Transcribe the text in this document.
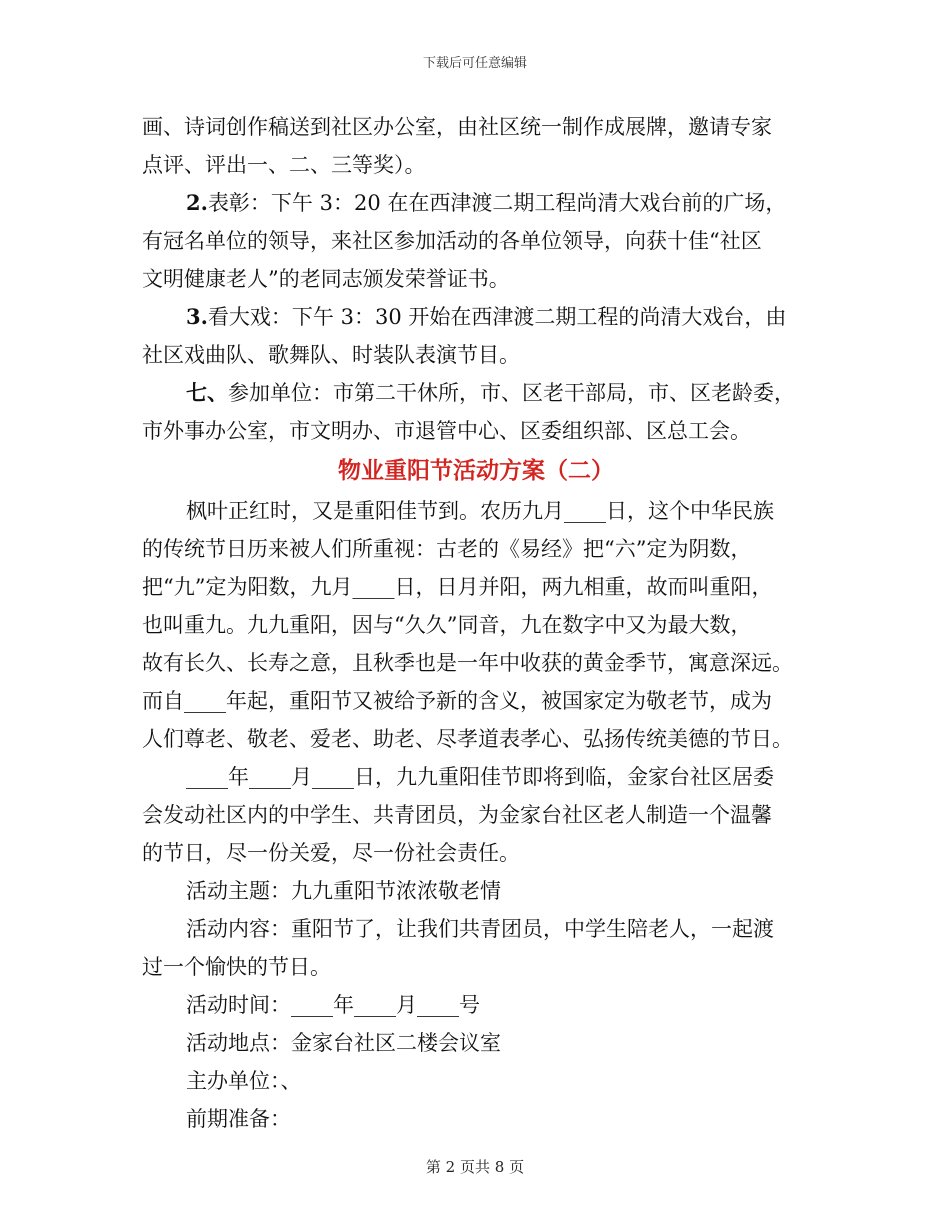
下载后可任意编辑
画、诗词创作稿送到社区办公室，由社区统一制作成展牌，邀请专家
点评、评出一、二、三等奖）。
2.表彰：下午 3：20 在在西津渡二期工程尚清大戏台前的广场，
有冠名单位的领导，来社区参加活动的各单位领导，向获十佳“社区
文明健康老人”的老同志颁发荣誉证书。
3.看大戏：下午 3：30 开始在西津渡二期工程的尚清大戏台，由
社区戏曲队、歌舞队、时装队表演节目。
七、参加单位：市第二干休所，市、区老干部局，市、区老龄委，
市外事办公室，市文明办、市退管中心、区委组织部、区总工会。
物业重阳节活动方案（二）
枫叶正红时，又是重阳佳节到。农历九月____日，这个中华民族
的传统节日历来被人们所重视：古老的《易经》把“六”定为阴数，
把“九”定为阳数，九月____日，日月并阳，两九相重，故而叫重阳，
也叫重九。九九重阳，因与“久久”同音，九在数字中又为最大数，
故有长久、长寿之意，且秋季也是一年中收获的黄金季节，寓意深远。
而自____年起，重阳节又被给予新的含义，被国家定为敬老节，成为
人们尊老、敬老、爱老、助老、尽孝道表孝心、弘扬传统美德的节日。
____年____月____日，九九重阳佳节即将到临，金家台社区居委
会发动社区内的中学生、共青团员，为金家台社区老人制造一个温馨
的节日，尽一份关爱，尽一份社会责任。
活动主题：九九重阳节浓浓敬老情
活动内容：重阳节了，让我们共青团员，中学生陪老人，一起渡
过一个愉快的节日。
活动时间：____年____月____号
活动地点：金家台社区二楼会议室
主办单位：、
前期准备：
第 2 页共 8 页
